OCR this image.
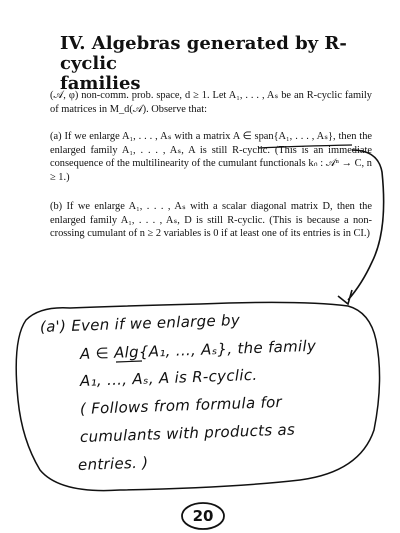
IV. Algebras generated by R-cyclic
families

(𝒜, φ) non-comm. prob. space, d ≥ 1. Let A₁, . . . , Aₛ be an R-cyclic family of matrices in M_d(𝒜). Observe that:

(a) If we enlarge A₁, . . . , Aₛ with a matrix A ∈ span{A₁, . . . , Aₛ}, then the enlarged family A₁, . . . , Aₛ, A is still R-cyclic. (This is an immediate consequence of the multilinearity of the cumulant functionals kₙ : 𝒜ⁿ → C, n ≥ 1.)

(b) If we enlarge A₁, . . . , Aₛ with a scalar diagonal matrix D, then the enlarged family A₁, . . . , Aₛ, D is still R-cyclic. (This is because a non-crossing cumulant of n ≥ 2 variables is 0 if at least one of its entries is in CI.)

(a') Even if we enlarge by
A ∈ Alg{A₁, ..., Aₛ}, the family
A₁, ..., Aₛ, A is R-cyclic.
( Follows from formula for
cumulants with products as
entries. )
20
